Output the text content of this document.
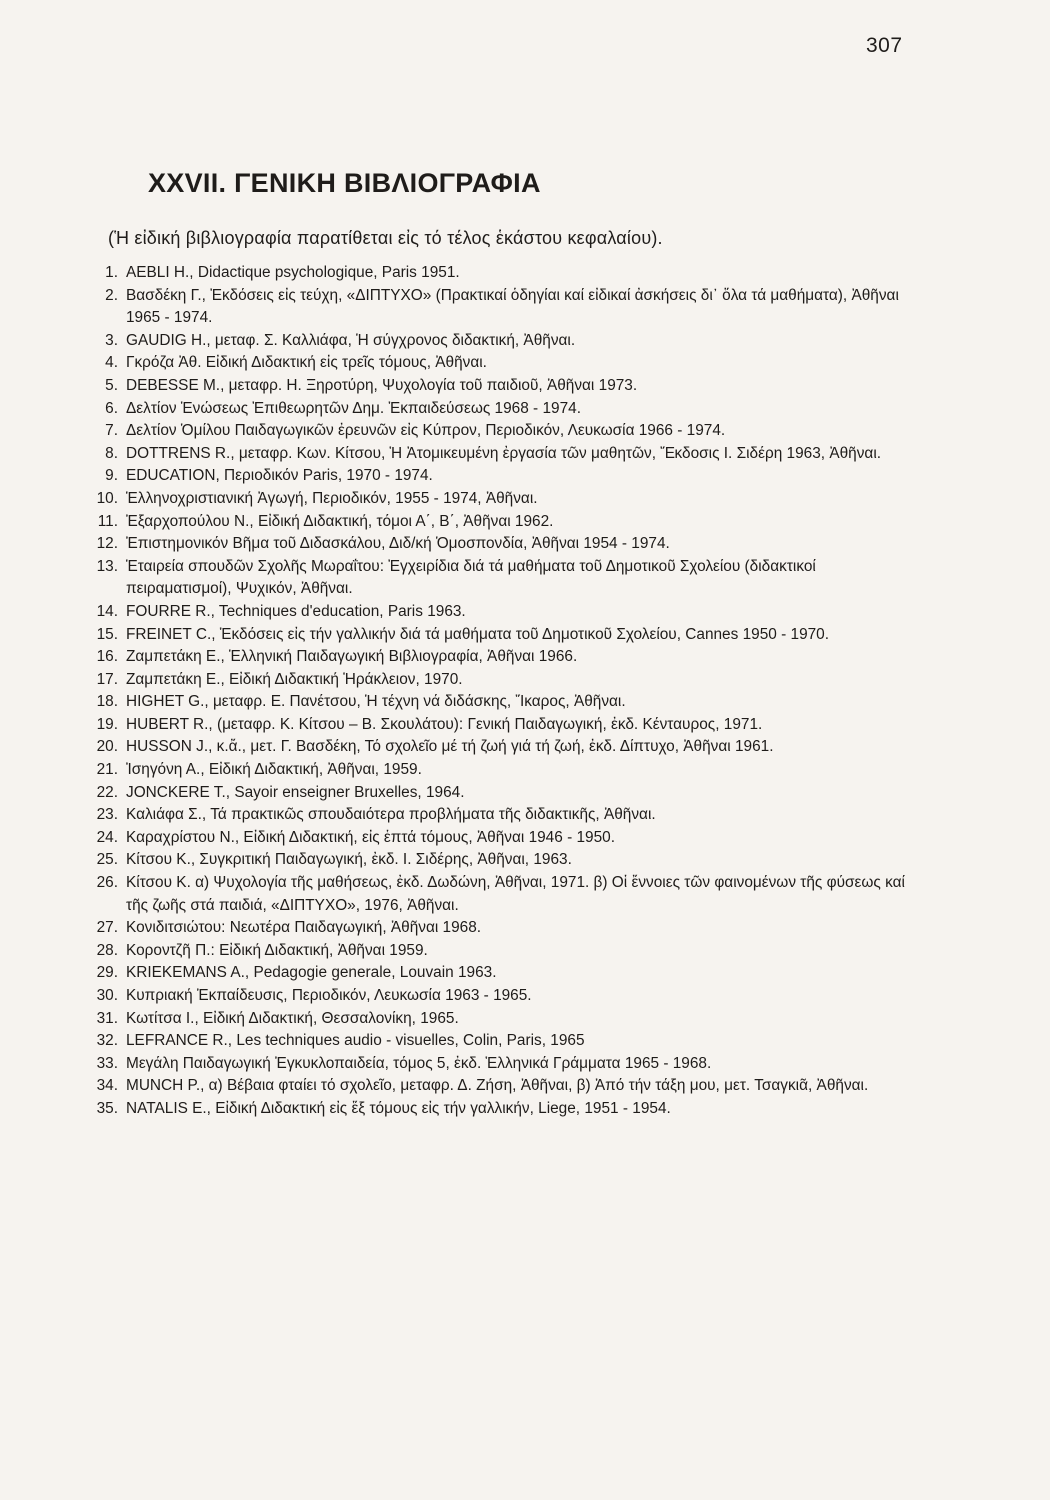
307
XXVII. ΓΕΝΙΚΗ ΒΙΒΛΙΟΓΡΑΦΙΑ
(Ἡ εἰδική βιβλιογραφία παρατίθεται εἰς τό τέλος ἑκάστου κεφαλαίου).
1. AEBLI H., Didactique psychologique, Paris 1951.
2. Βασδέκη Γ., Ἐκδόσεις εἰς τεύχη, «ΔΙΠΤΥΧΟ» (Πρακτικαί ὁδηγίαι καί εἰδικαί ἀσκήσεις δι᾽ ὅλα τά μαθήματα), Ἀθῆναι 1965 - 1974.
3. GAUDIG H., μεταφ. Σ. Καλλιάφα, Ἡ σύγχρονος διδακτική, Ἀθῆναι.
4. Γκρόζα Ἀθ. Εἰδική Διδακτική εἰς τρεῖς τόμους, Ἀθῆναι.
5. DEBESSE M., μεταφρ. Η. Ξηροτύρη, Ψυχολογία τοῦ παιδιοῦ, Ἀθῆναι 1973.
6. Δελτίον Ἑνώσεως Ἐπιθεωρητῶν Δημ. Ἐκπαιδεύσεως 1968 - 1974.
7. Δελτίον Ὁμίλου Παιδαγωγικῶν ἐρευνῶν εἰς Κύπρον, Περιοδικόν, Λευκωσία 1966 - 1974.
8. DOTTRENS R., μεταφρ. Κων. Κίτσου, Ἡ Ἀτομικευμένη ἐργασία τῶν μαθητῶν, Ἔκδοσις Ι. Σιδέρη 1963, Ἀθῆναι.
9. EDUCATION, Περιοδικόν Paris, 1970 - 1974.
10. Ἑλληνοχριστιανική Ἀγωγή, Περιοδικόν, 1955 - 1974, Ἀθῆναι.
11. Ἐξαρχοπούλου Ν., Εἰδική Διδακτική, τόμοι Α΄, Β΄, Ἀθῆναι 1962.
12. Ἐπιστημονικόν Βῆμα τοῦ Διδασκάλου, Διδ/κή Ὁμοσπονδία, Ἀθῆναι 1954 - 1974.
13. Ἑταιρεία σπουδῶν Σχολῆς Μωραΐτου: Ἐγχειρίδια διά τά μαθήματα τοῦ Δημοτικοῦ Σχολείου (διδακτικοί πειραματισμοί), Ψυχικόν, Ἀθῆναι.
14. FOURRE R., Techniques d'education, Paris 1963.
15. FREINET C., Ἐκδόσεις εἰς τήν γαλλικήν διά τά μαθήματα τοῦ Δημοτικοῦ Σχολείου, Cannes 1950 - 1970.
16. Ζαμπετάκη Ε., Ἑλληνική Παιδαγωγική Βιβλιογραφία, Ἀθῆναι 1966.
17. Ζαμπετάκη Ε., Εἰδική Διδακτική Ἡράκλειον, 1970.
18. HIGHET G., μεταφρ. Ε. Πανέτσου, Ἡ τέχνη νά διδάσκης, Ἴκαρος, Ἀθῆναι.
19. HUBERT R., (μεταφρ. Κ. Κίτσου – Β. Σκουλάτου): Γενική Παιδαγωγική, ἐκδ. Κένταυρος, 1971.
20. HUSSON J., κ.ἄ., μετ. Γ. Βασδέκη, Τό σχολεῖο μέ τή ζωή γιά τή ζωή, ἐκδ. Δίπτυχο, Ἀθῆναι 1961.
21. Ἰσηγόνη Α., Εἰδική Διδακτική, Ἀθῆναι, 1959.
22. JONCKERE T., Sayoir enseigner Bruxelles, 1964.
23. Καλιάφα Σ., Τά πρακτικῶς σπουδαιότερα προβλήματα τῆς διδακτικῆς, Ἀθῆναι.
24. Καραχρίστου Ν., Εἰδική Διδακτική, εἰς ἑπτά τόμους, Ἀθῆναι 1946 - 1950.
25. Κίτσου Κ., Συγκριτική Παιδαγωγική, ἐκδ. Ι. Σιδέρης, Ἀθῆναι, 1963.
26. Κίτσου Κ. α) Ψυχολογία τῆς μαθήσεως, ἐκδ. Δωδώνη, Ἀθῆναι, 1971. β) Οἱ ἔννοιες τῶν φαινομένων τῆς φύσεως καί τῆς ζωῆς στά παιδιά, «ΔΙΠΤΥΧΟ», 1976, Ἀθῆναι.
27. Κονιδιτσιώτου: Νεωτέρα Παιδαγωγική, Ἀθῆναι 1968.
28. Κορoντζῆ Π.: Εἰδική Διδακτική, Ἀθῆναι 1959.
29. KRIEKEMANS A., Pedagogie generale, Louvain 1963.
30. Κυπριακή Ἐκπαίδευσις, Περιοδικόν, Λευκωσία 1963 - 1965.
31. Κωτίτσα Ι., Εἰδική Διδακτική, Θεσσαλονίκη, 1965.
32. LEFRANCE R., Les techniques audio - visuelles, Colin, Paris, 1965
33. Μεγάλη Παιδαγωγική Ἐγκυκλοπαιδεία, τόμος 5, ἐκδ. Ἑλληνικά Γράμματα 1965 - 1968.
34. MUNCH P., α) Βέβαια φταίει τό σχολεῖο, μεταφρ. Δ. Ζήση, Ἀθῆναι, β) Ἀπό τήν τάξη μου, μετ. Τσαγκιᾶ, Ἀθῆναι.
35. NATALIS E., Εἰδική Διδακτική εἰς ἕξ τόμους εἰς τήν γαλλικήν, Liege, 1951 - 1954.
